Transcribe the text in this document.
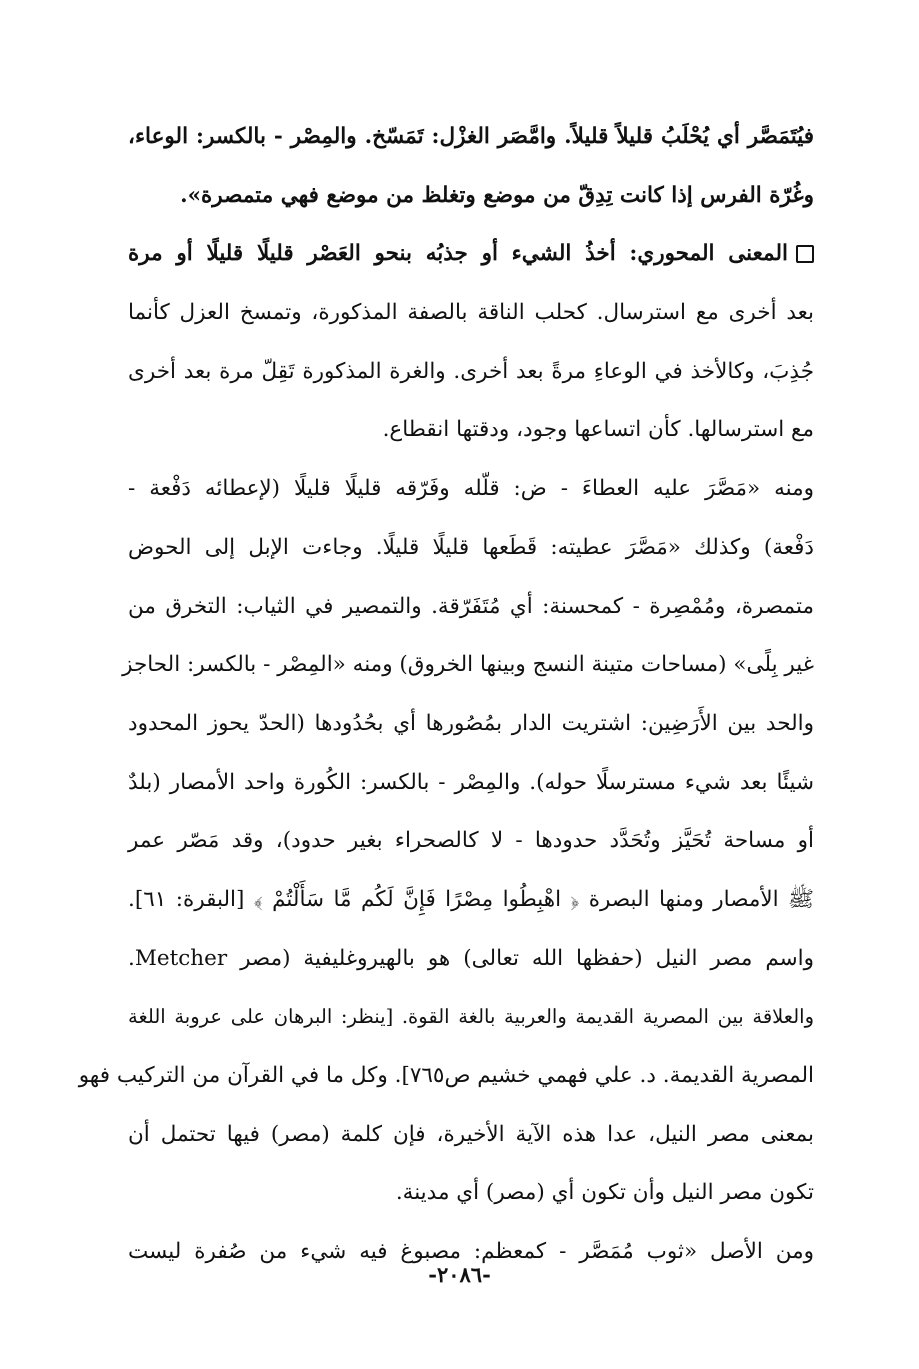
فيُتَمَصَّر أي يُحْلَبُ قليلاً قليلاً. وامَّصَر الغزْل: تَمَسّخ. والمِصْر - بالكسر: الوعاء،
وغُرّة الفرس إذا كانت تِدِقّ من موضع وتغلظ من موضع فهي متمصرة».
المعنى المحوري: أخذُ الشيء أو جذبُه بنحو العَصْر قليلًا قليلًا أو مرة
بعد أخرى مع استرسال. كحلب الناقة بالصفة المذكورة، وتمسخ العزل كأنما
جُذِبَ، وكالأخذ في الوعاءِ مرةً بعد أخرى. والغرة المذكورة تَقِلّ مرة بعد أخرى
مع استرسالها. كأن اتساعها وجود، ودقتها انقطاع.
ومنه «مَصَّرَ عليه العطاءَ - ض: قلّله وفَرّقه قليلًا قليلًا (لإعطائه دَفْعة -
دَفْعة) وكذلك «مَصَّرَ عطيته: قَطَعها قليلًا قليلًا. وجاءت الإبل إلى الحوض
متمصرة، ومُمْصِرة - كمحسنة: أي مُتَفَرّقة. والتمصير في الثياب: التخرق من
غير بِلًى» (مساحات متينة النسج وبينها الخروق) ومنه «المِصْر - بالكسر: الحاجز
والحد بين الأَرَضِين: اشتريت الدار بمُصُورها أي بحُدُودها (الحدّ يحوز المحدود
شيئًا بعد شيء مسترسلًا حوله). والمِصْر - بالكسر: الكُورة واحد الأمصار (بلدٌ
أو مساحة تُحَيَّز وتُحَدَّد حدودها - لا كالصحراء بغير حدود)، وقد مَصّر عمر
ﷺ الأمصار ومنها البصرة ﴿ اهْبِطُوا مِصْرًا فَإِنَّ لَكُم مَّا سَأَلْتُمْ ﴾ [البقرة: ٦١].
واسم مصر النيل (حفظها الله تعالى) هو بالهيروغليفية (مصر Metcher.
والعلاقة بين المصرية القديمة والعربية بالغة القوة. [ينظر: البرهان على عروبة اللغة
المصرية القديمة. د. علي فهمي خشيم ص٧٦٥]. وكل ما في القرآن من التركيب فهو
بمعنى مصر النيل، عدا هذه الآية الأخيرة، فإن كلمة (مصر) فيها تحتمل أن
تكون مصر النيل وأن تكون أي (مصر) أي مدينة.
ومن الأصل «ثوب مُمَصَّر - كمعظم: مصبوغ فيه شيء من صُفرة ليست
-٢٠٨٦-
